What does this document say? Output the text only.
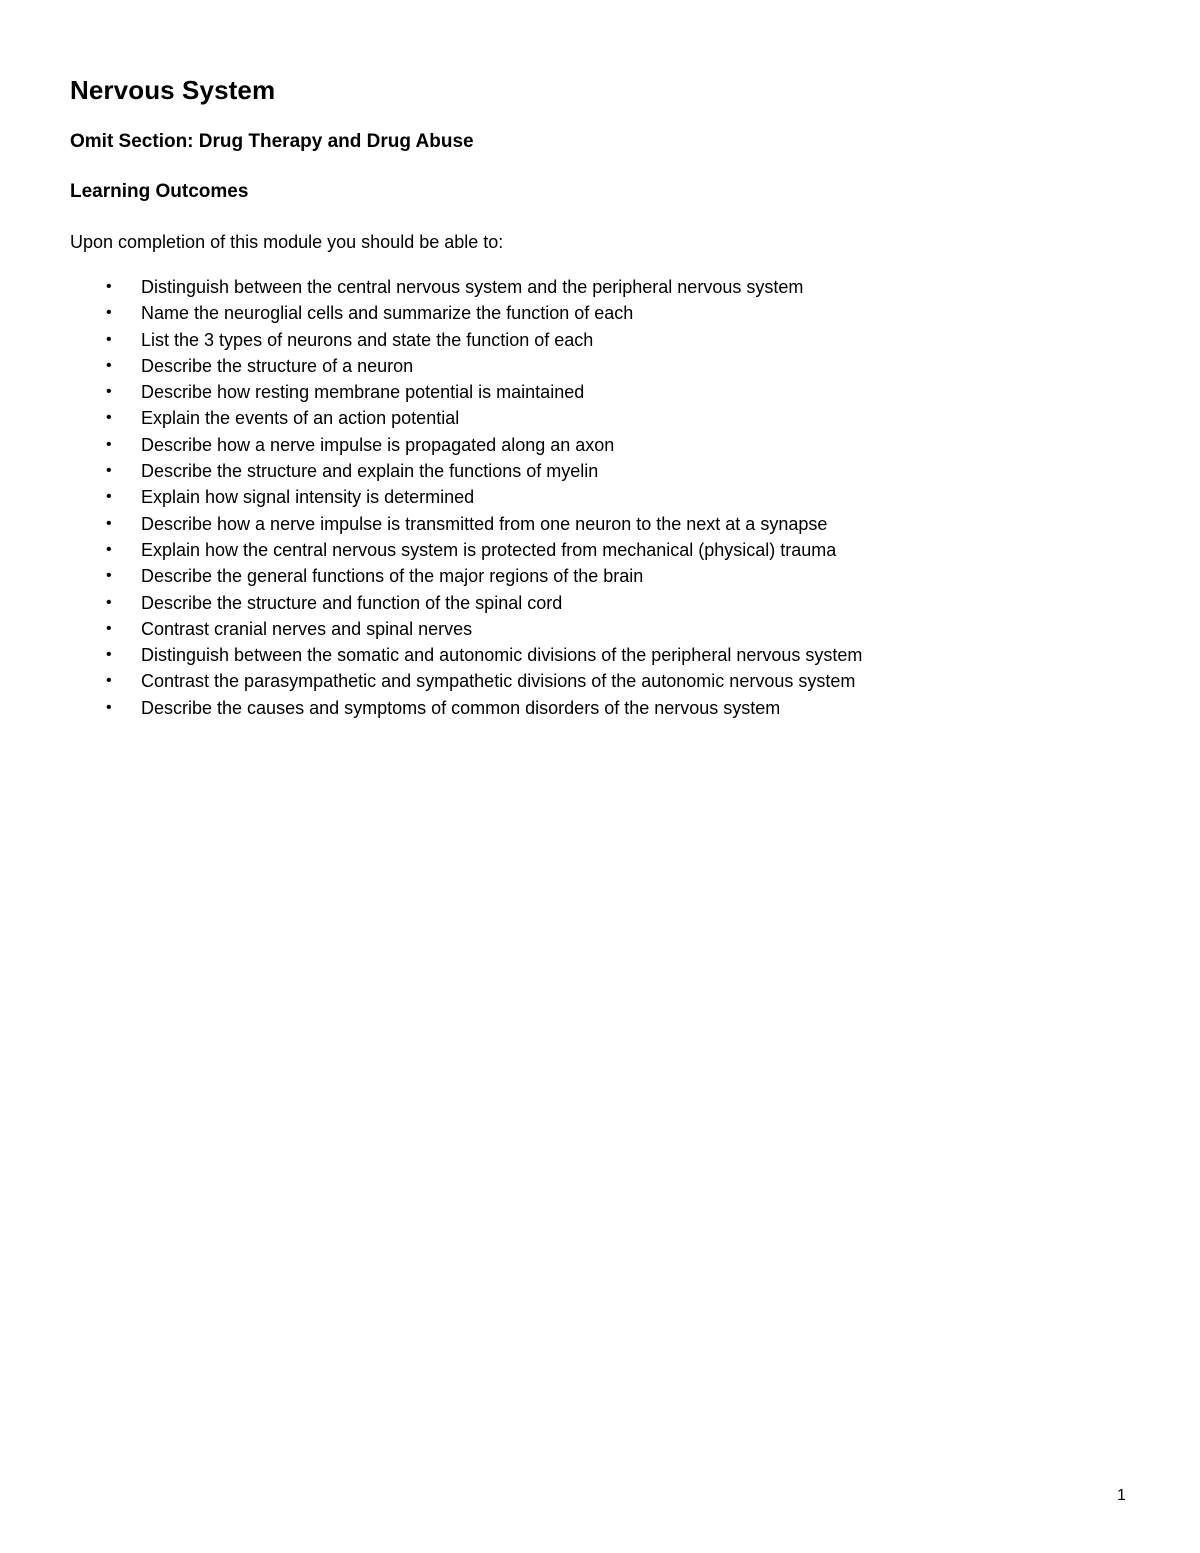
Nervous System
Omit Section: Drug Therapy and Drug Abuse
Learning Outcomes

Upon completion of this module you should be able to:

• Distinguish between the central nervous system and the peripheral nervous system
• Name the neuroglial cells and summarize the function of each
• List the 3 types of neurons and state the function of each
• Describe the structure of a neuron
• Describe how resting membrane potential is maintained
• Explain the events of an action potential
• Describe how a nerve impulse is propagated along an axon
• Describe the structure and explain the functions of myelin
• Explain how signal intensity is determined
• Describe how a nerve impulse is transmitted from one neuron to the next at a synapse
• Explain how the central nervous system is protected from mechanical (physical) trauma
• Describe the general functions of the major regions of the brain
• Describe the structure and function of the spinal cord
• Contrast cranial nerves and spinal nerves
• Distinguish between the somatic and autonomic divisions of the peripheral nervous system
• Contrast the parasympathetic and sympathetic divisions of the autonomic nervous system
• Describe the causes and symptoms of common disorders of the nervous system
1
